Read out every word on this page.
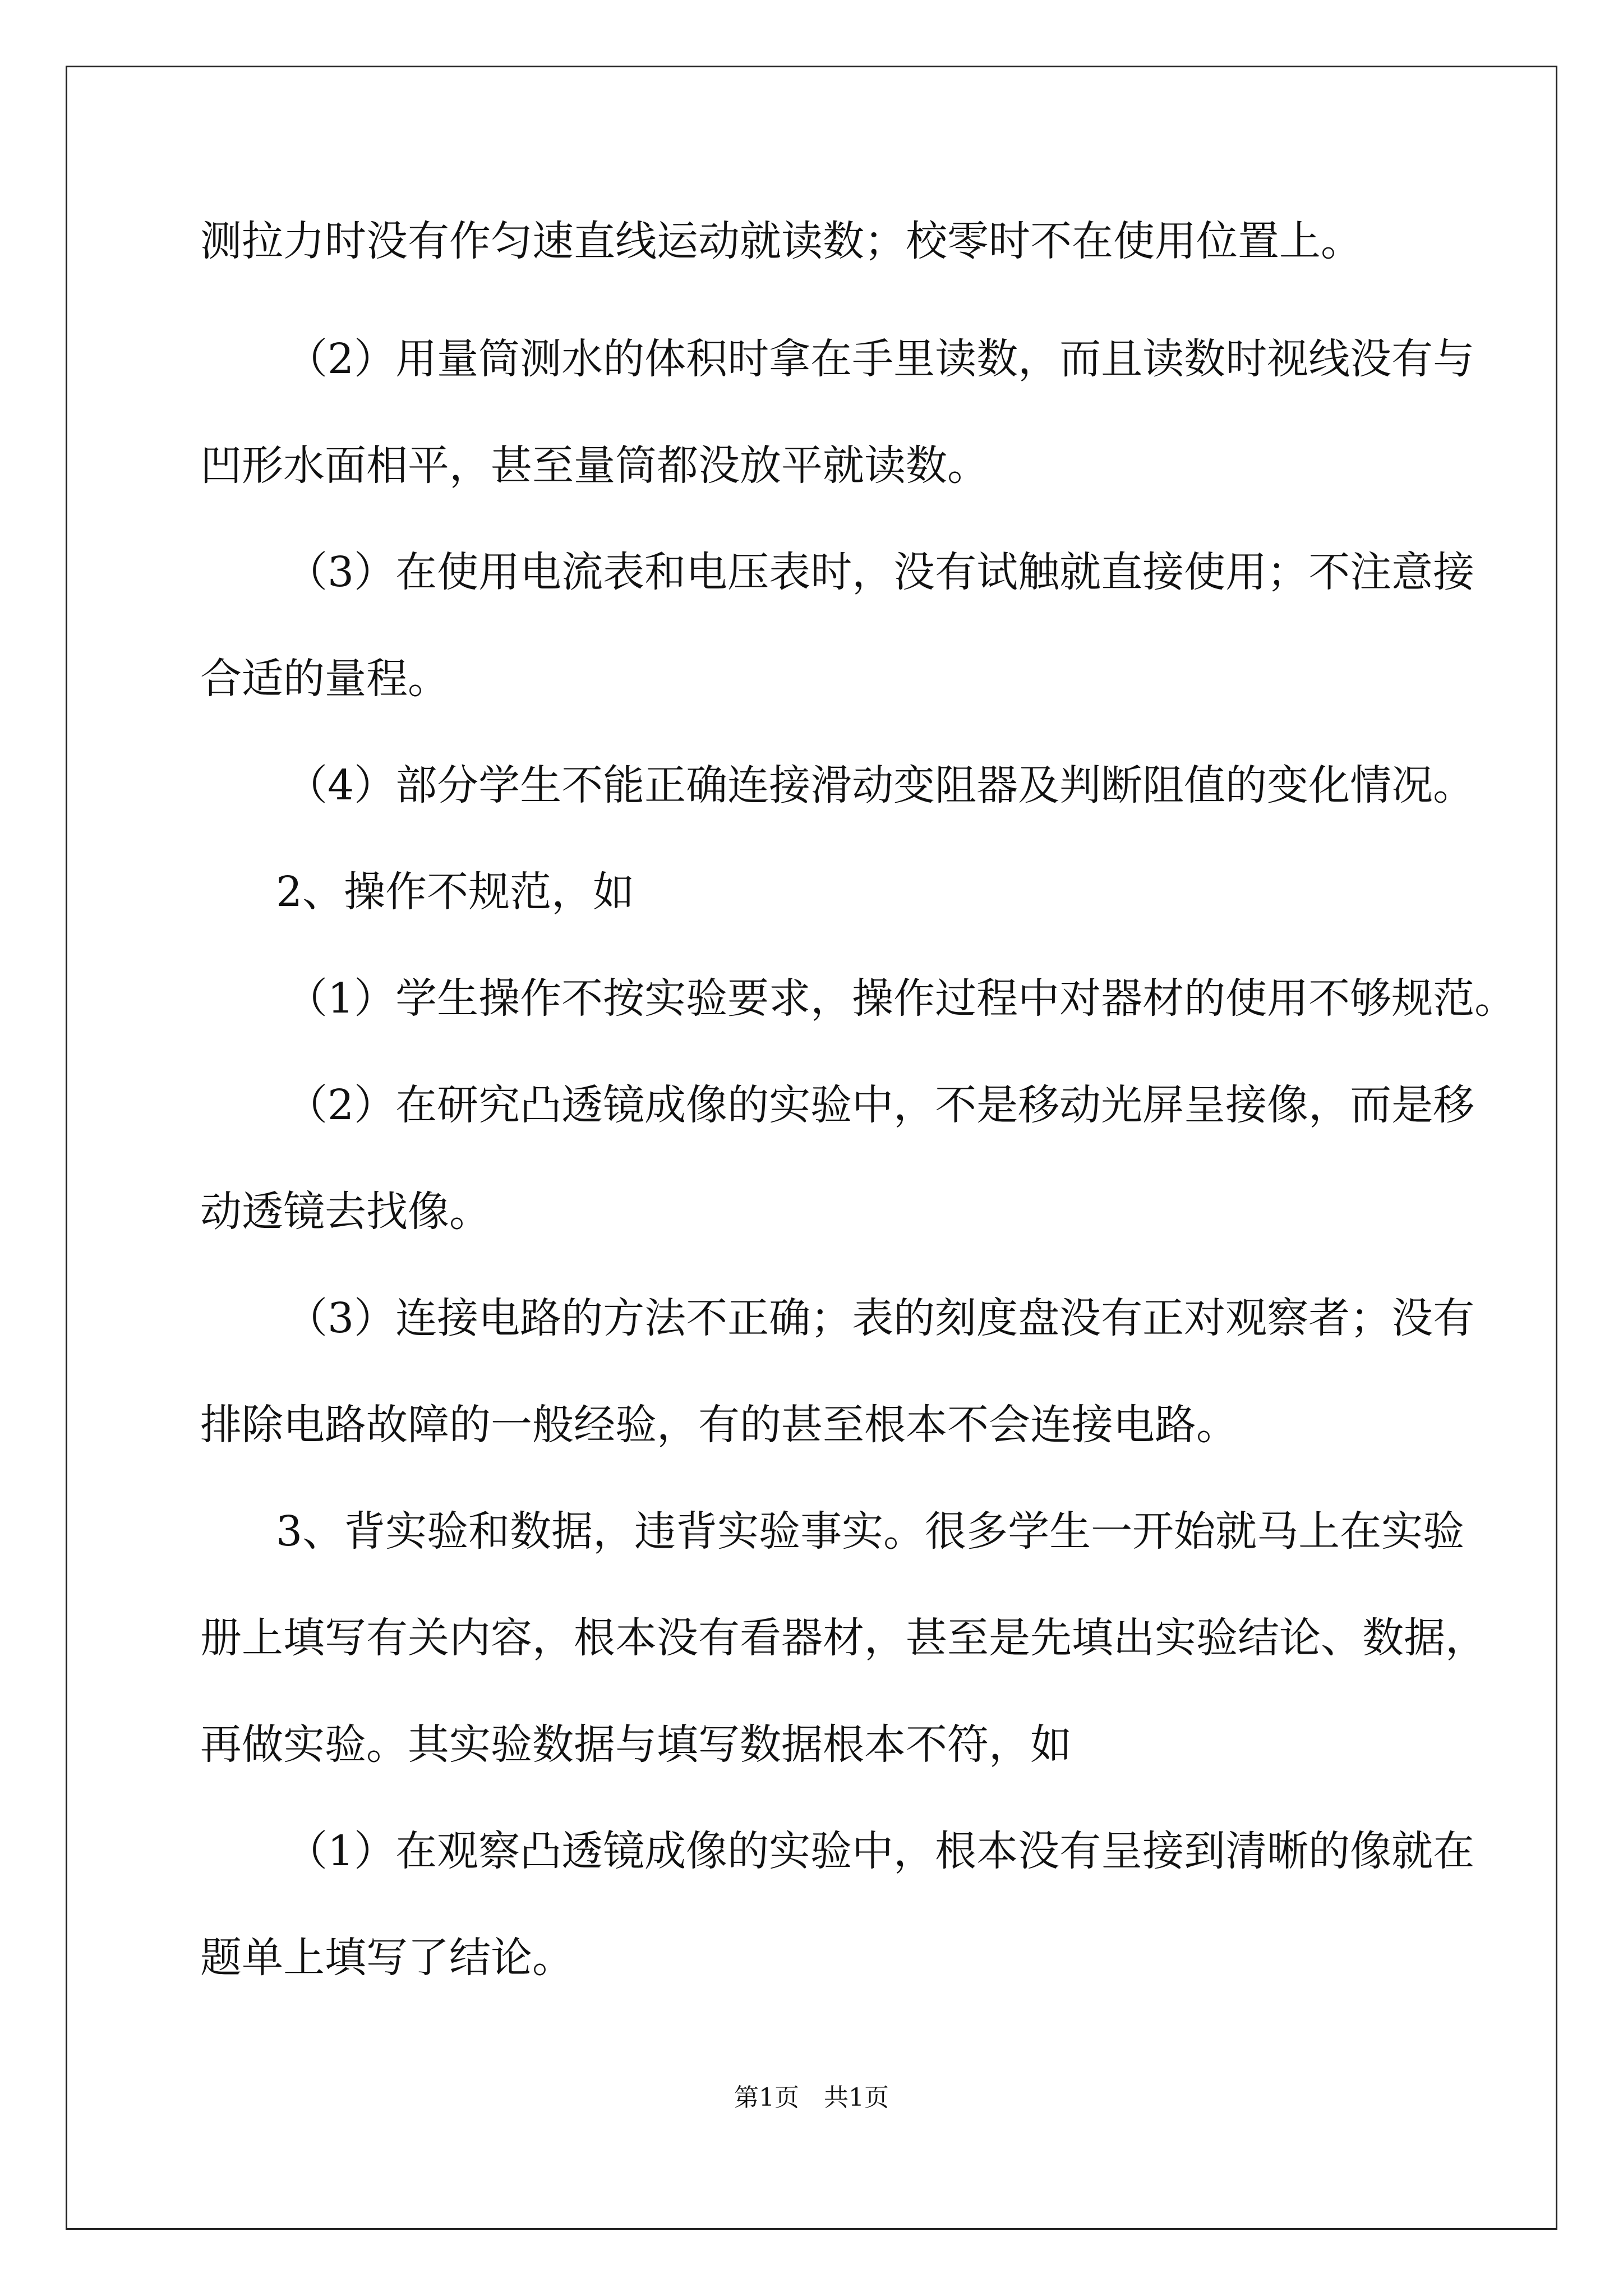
测拉力时没有作匀速直线运动就读数；校零时不在使用位置上。
（2）用量筒测水的体积时拿在手里读数，而且读数时视线没有与
凹形水面相平，甚至量筒都没放平就读数。
（3）在使用电流表和电压表时，没有试触就直接使用；不注意接
合适的量程。
（4）部分学生不能正确连接滑动变阻器及判断阻值的变化情况。
2、操作不规范，如
（1）学生操作不按实验要求，操作过程中对器材的使用不够规范。
（2）在研究凸透镜成像的实验中，不是移动光屏呈接像，而是移
动透镜去找像。
（3）连接电路的方法不正确；表的刻度盘没有正对观察者；没有
排除电路故障的一般经验，有的甚至根本不会连接电路。
3、背实验和数据，违背实验事实。很多学生一开始就马上在实验
册上填写有关内容，根本没有看器材，甚至是先填出实验结论、数据，
再做实验。其实验数据与填写数据根本不符，如
（1）在观察凸透镜成像的实验中，根本没有呈接到清晰的像就在
题单上填写了结论。
第1页　共1页
